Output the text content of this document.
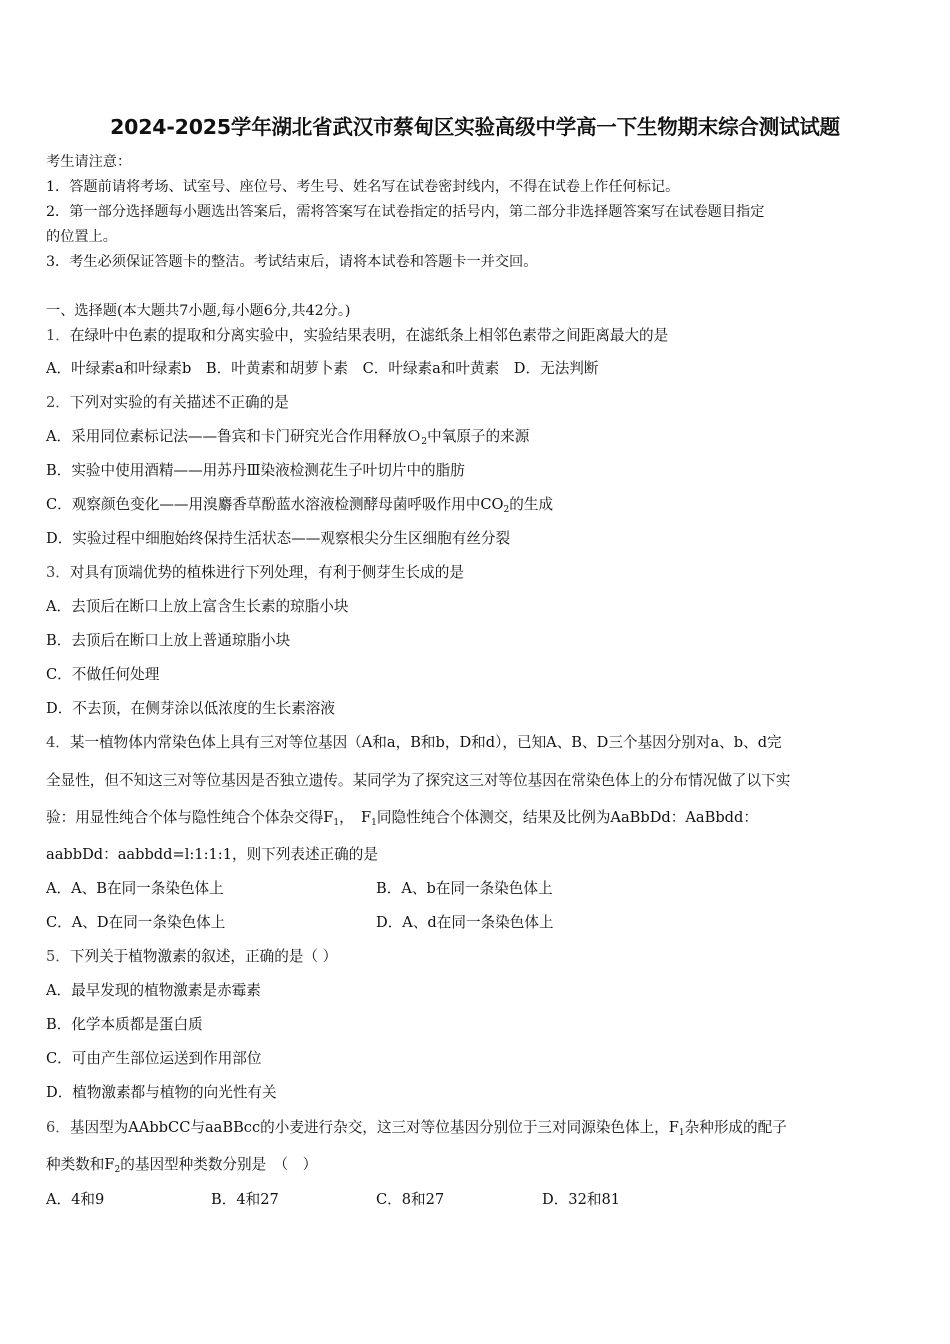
2024-2025学年湖北省武汉市蔡甸区实验高级中学高一下生物期末综合测试试题
考生请注意：
1．答题前请将考场、试室号、座位号、考生号、姓名写在试卷密封线内，不得在试卷上作任何标记。
2．第一部分选择题每小题选出答案后，需将答案写在试卷指定的括号内，第二部分非选择题答案写在试卷题目指定
的位置上。
3．考生必须保证答题卡的整洁。考试结束后，请将本试卷和答题卡一并交回。
一、选择题(本大题共7小题,每小题6分,共42分。)
1．在绿叶中色素的提取和分离实验中，实验结果表明，在滤纸条上相邻色素带之间距离最大的是
A．叶绿素a和叶绿素b　B．叶黄素和胡萝卜素　C．叶绿素a和叶黄素　D．无法判断
2．下列对实验的有关描述不正确的是
A．采用同位素标记法——鲁宾和卡门研究光合作用释放Ｏ$_2$中氧原子的来源
B．实验中使用酒精——用苏丹Ⅲ染液检测花生子叶切片中的脂肪
C．观察颜色变化——用溴麝香草酚蓝水溶液检测酵母菌呼吸作用中$CO_2$的生成
D．实验过程中细胞始终保持生活状态——观察根尖分生区细胞有丝分裂
3．对具有顶端优势的植株进行下列处理，有利于侧芽生长成的是
A．去顶后在断口上放上富含生长素的琼脂小块
B．去顶后在断口上放上普通琼脂小块
C．不做任何处理
D．不去顶，在侧芽涂以低浓度的生长素溶液
4．某一植物体内常染色体上具有三对等位基因（A和a，B和b，D和d），已知A、B、D三个基因分别对a、b、d完
全显性，但不知这三对等位基因是否独立遗传。某同学为了探究这三对等位基因在常染色体上的分布情况做了以下实
验：用显性纯合个体与隐性纯合个体杂交得$F_1$，　$F_1$同隐性纯合个体测交，结果及比例为AaBbDd：AaBbdd：
aabbDd：aabbdd=l:1:1:1，则下列表述正确的是
A．A、B在同一条染色体上	B．A、b在同一条染色体上
C．A、D在同一条染色体上	D．A、d在同一条染色体上
5．下列关于植物激素的叙述，正确的是（ ）
A．最早发现的植物激素是赤霉素
B．化学本质都是蛋白质
C．可由产生部位运送到作用部位
D．植物激素都与植物的向光性有关
6．基因型为AAbbCC与aaBBcc的小麦进行杂交，这三对等位基因分别位于三对同源染色体上，$F_1$杂种形成的配子
种类数和$F_2$的基因型种类数分别是　（　）
A．4和9	B．4和27	C．8和27	D．32和81
